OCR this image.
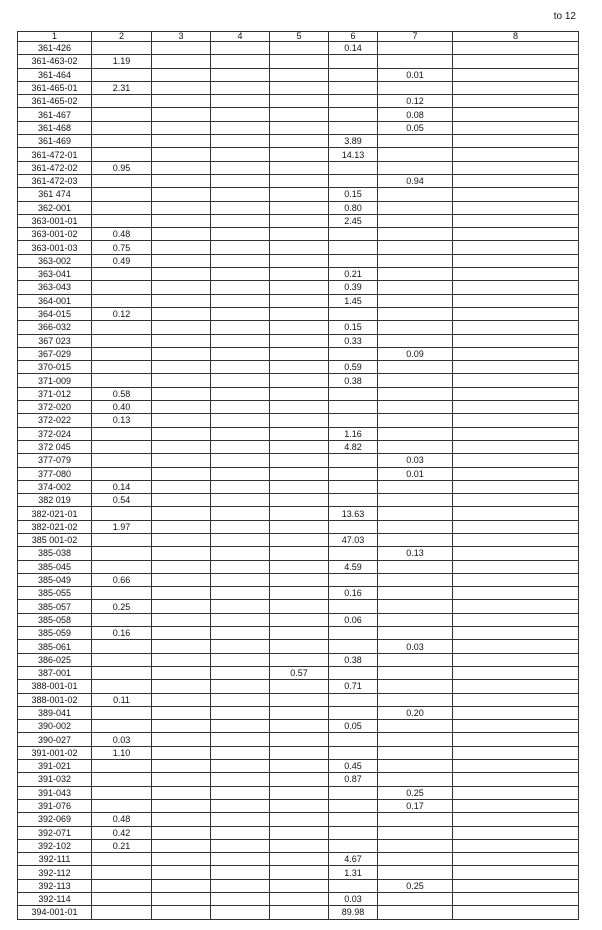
to 12
1	2	3	4	5	6	7	8
361-426					0.14		
361-463-02	1.19						
361-464						0.01	
361-465-01	2.31						
361-465-02						0.12	
361-467						0.08	
361-468						0.05	
361-469					3.89		
361-472-01					14.13		
361-472-02	0.95						
361-472-03						0.94	
361 474					0.15		
362-001					0.80		
363-001-01					2.45		
363-001-02	0.48						
363-001-03	0.75						
363-002	0.49						
363-041					0.21		
363-043					0.39		
364-001					1.45		
364-015	0.12						
366-032					0.15		
367 023					0.33		
367-029						0.09	
370-015					0.59		
371-009					0.38		
371-012	0.58						
372-020	0.40						
372-022	0.13						
372-024					1.16		
372 045					4.82		
377-079						0.03	
377-080						0.01	
374-002	0.14						
382 019	0.54						
382-021-01					13.63		
382-021-02	1.97						
385 001-02					47.03		
385-038						0.13	
385-045					4.59		
385-049	0.66						
385-055					0.16		
385-057	0.25						
385-058					0.06		
385-059	0.16						
385-061						0.03	
386-025					0.38		
387-001				0.57			
388-001-01					0.71		
388-001-02	0.11						
389-041						0.20	
390-002					0.05		
390-027	0.03						
391-001-02	1.10						
391-021					0.45		
391-032					0.87		
391-043						0.25	
391-076						0.17	
392-069	0.48						
392-071	0.42						
392-102	0.21						
392-111					4.67		
392-112					1.31		
392-113						0.25	
392-114					0.03		
394-001-01					89.98		
